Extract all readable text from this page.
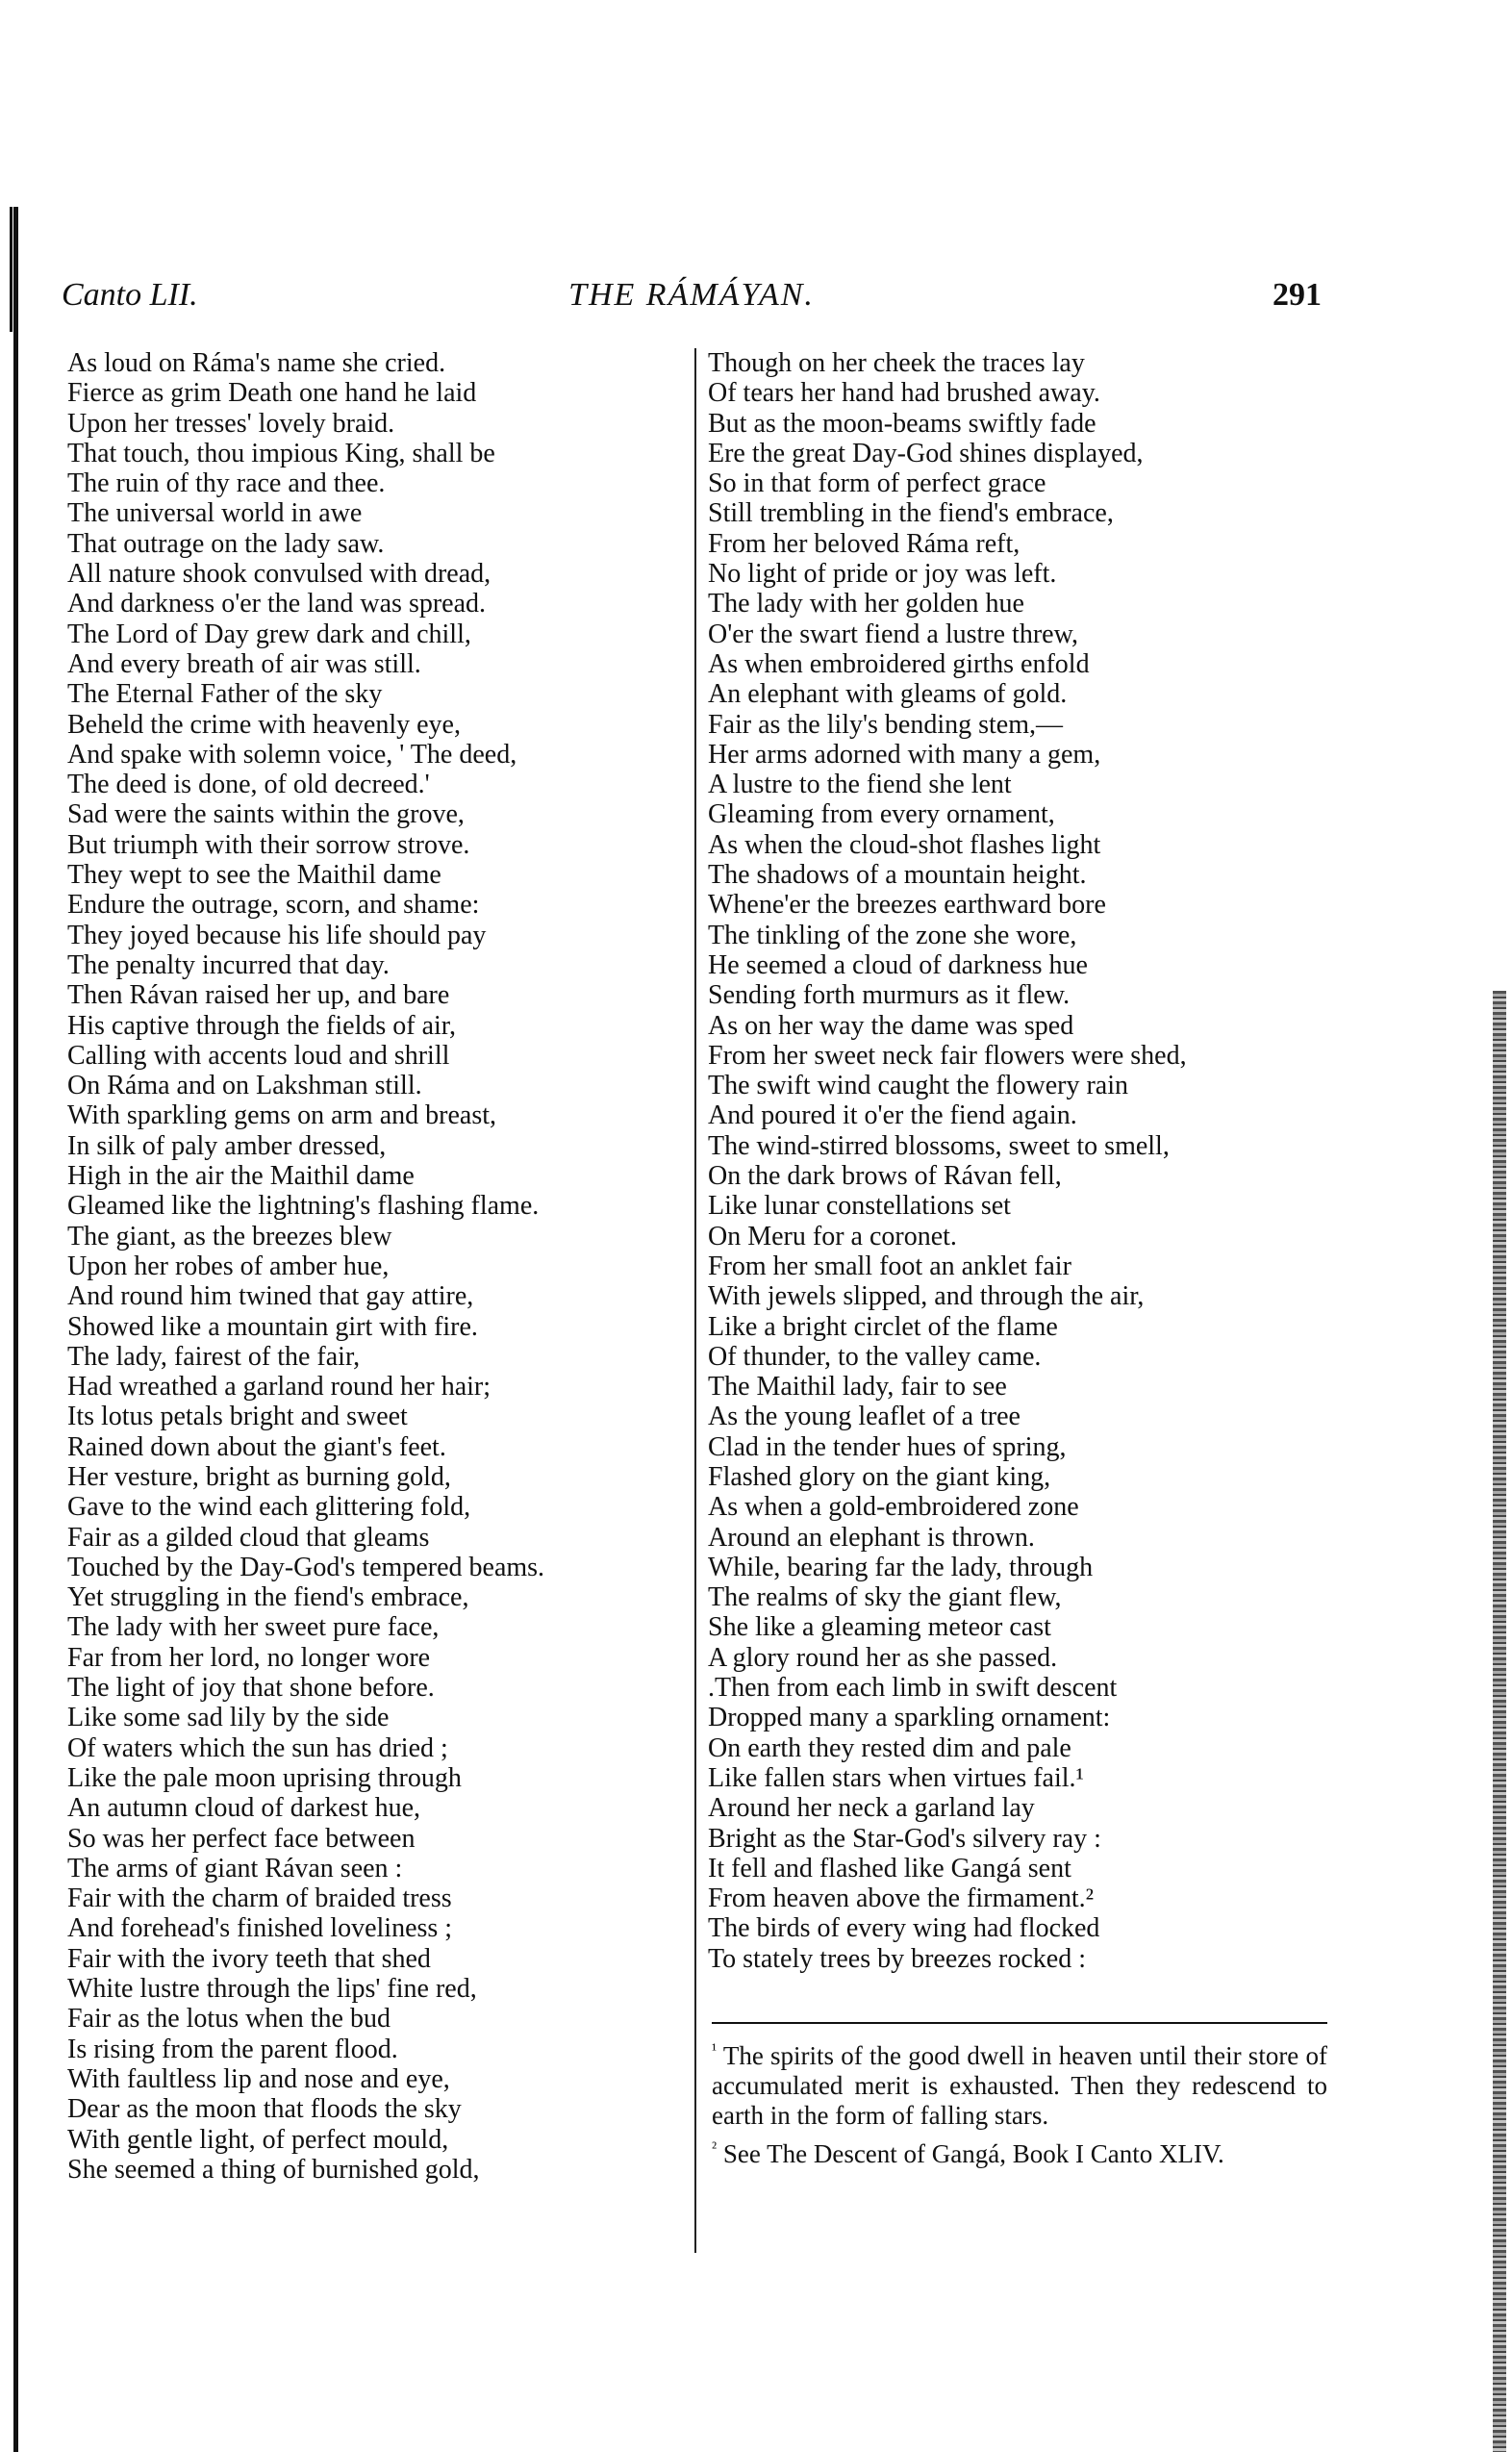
Canto LII.	THE RÁMÁYAN.	291
As loud on Ráma's name she cried.
Fierce as grim Death one hand he laid
Upon her tresses' lovely braid.
That touch, thou impious King, shall be
The ruin of thy race and thee.
The universal world in awe
That outrage on the lady saw.
All nature shook convulsed with dread,
And darkness o'er the land was spread.
The Lord of Day grew dark and chill,
And every breath of air was still.
The Eternal Father of the sky
Beheld the crime with heavenly eye,
And spake with solemn voice, ' The deed,
The deed is done, of old decreed.'
Sad were the saints within the grove,
But triumph with their sorrow strove.
They wept to see the Maithil dame
Endure the outrage, scorn, and shame:
They joyed because his life should pay
The penalty incurred that day.
Then Rávan raised her up, and bare
His captive through the fields of air,
Calling with accents loud and shrill
On Ráma and on Lakshman still.
With sparkling gems on arm and breast,
In silk of paly amber dressed,
High in the air the Maithil dame
Gleamed like the lightning's flashing flame.
The giant, as the breezes blew
Upon her robes of amber hue,
And round him twined that gay attire,
Showed like a mountain girt with fire.
The lady, fairest of the fair,
Had wreathed a garland round her hair;
Its lotus petals bright and sweet
Rained down about the giant's feet.
Her vesture, bright as burning gold,
Gave to the wind each glittering fold,
Fair as a gilded cloud that gleams
Touched by the Day-God's tempered beams.
Yet struggling in the fiend's embrace,
The lady with her sweet pure face,
Far from her lord, no longer wore
The light of joy that shone before.
Like some sad lily by the side
Of waters which the sun has dried ;
Like the pale moon uprising through
An autumn cloud of darkest hue,
So was her perfect face between
The arms of giant Rávan seen :
Fair with the charm of braided tress
And forehead's finished loveliness ;
Fair with the ivory teeth that shed
White lustre through the lips' fine red,
Fair as the lotus when the bud
Is rising from the parent flood.
With faultless lip and nose and eye,
Dear as the moon that floods the sky
With gentle light, of perfect mould,
She seemed a thing of burnished gold,
Though on her cheek the traces lay
Of tears her hand had brushed away.
But as the moon-beams swiftly fade
Ere the great Day-God shines displayed,
So in that form of perfect grace
Still trembling in the fiend's embrace,
From her beloved Ráma reft,
No light of pride or joy was left.
The lady with her golden hue
O'er the swart fiend a lustre threw,
As when embroidered girths enfold
An elephant with gleams of gold.
Fair as the lily's bending stem,—
Her arms adorned with many a gem,
A lustre to the fiend she lent
Gleaming from every ornament,
As when the cloud-shot flashes light
The shadows of a mountain height.
Whene'er the breezes earthward bore
The tinkling of the zone she wore,
He seemed a cloud of darkness hue
Sending forth murmurs as it flew.
As on her way the dame was sped
From her sweet neck fair flowers were shed,
The swift wind caught the flowery rain
And poured it o'er the fiend again.
The wind-stirred blossoms, sweet to smell,
On the dark brows of Rávan fell,
Like lunar constellations set
On Meru for a coronet.
From her small foot an anklet fair
With jewels slipped, and through the air,
Like a bright circlet of the flame
Of thunder, to the valley came.
The Maithil lady, fair to see
As the young leaflet of a tree
Clad in the tender hues of spring,
Flashed glory on the giant king,
As when a gold-embroidered zone
Around an elephant is thrown.
While, bearing far the lady, through
The realms of sky the giant flew,
She like a gleaming meteor cast
A glory round her as she passed.
.Then from each limb in swift descent
Dropped many a sparkling ornament:
On earth they rested dim and pale
Like fallen stars when virtues fail.¹
Around her neck a garland lay
Bright as the Star-God's silvery ray :
It fell and flashed like Gangá sent
From heaven above the firmament.²
The birds of every wing had flocked
To stately trees by breezes rocked :

$^{^1}$ The spirits of the good dwell in heaven until their store of accumulated merit is exhausted. Then they redescend to earth in the form of falling stars.

$^{^2}$ See The Descent of Gangá, Book I Canto XLIV.
